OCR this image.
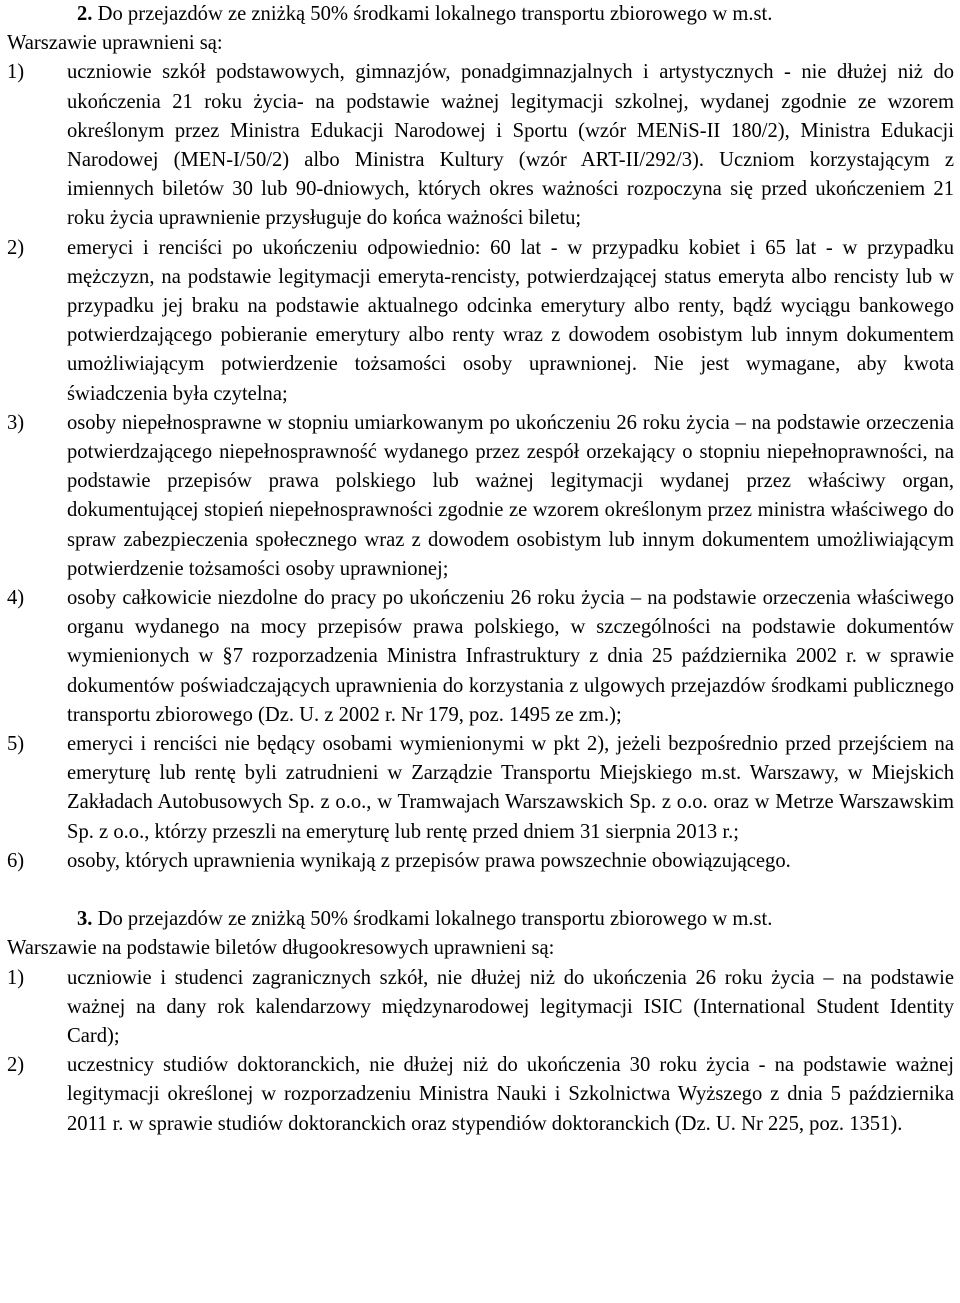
2. Do przejazdów ze zniżką 50% środkami lokalnego transportu zbiorowego w m.st.

Warszawie uprawnieni są:

1) uczniowie szkół podstawowych, gimnazjów, ponadgimnazjalnych i artystycznych - nie dłużej niż do ukończenia 21 roku życia- na podstawie ważnej legitymacji szkolnej, wydanej zgodnie ze wzorem określonym przez Ministra Edukacji Narodowej i Sportu (wzór MENiS-II 180/2), Ministra Edukacji Narodowej (MEN-I/50/2) albo Ministra Kultury (wzór ART-II/292/3). Uczniom korzystającym z imiennych biletów 30 lub 90-dniowych, których okres ważności rozpoczyna się przed ukończeniem 21 roku życia uprawnienie przysługuje do końca ważności biletu;
2) emeryci i renciści po ukończeniu odpowiednio: 60 lat - w przypadku kobiet i 65 lat - w przypadku mężczyzn, na podstawie legitymacji emeryta-rencisty, potwierdzającej status emeryta albo rencisty lub w przypadku jej braku na podstawie aktualnego odcinka emerytury albo renty, bądź wyciągu bankowego potwierdzającego pobieranie emerytury albo renty wraz z dowodem osobistym lub innym dokumentem umożliwiającym potwierdzenie tożsamości osoby uprawnionej. Nie jest wymagane, aby kwota świadczenia była czytelna;
3) osoby niepełnosprawne w stopniu umiarkowanym po ukończeniu 26 roku życia – na podstawie orzeczenia potwierdzającego niepełnosprawność wydanego przez zespół orzekający o stopniu niepełnoprawności, na podstawie przepisów prawa polskiego lub ważnej legitymacji wydanej przez właściwy organ, dokumentującej stopień niepełnosprawności zgodnie ze wzorem określonym przez ministra właściwego do spraw zabezpieczenia społecznego wraz z dowodem osobistym lub innym dokumentem umożliwiającym potwierdzenie tożsamości osoby uprawnionej;
4) osoby całkowicie niezdolne do pracy po ukończeniu 26 roku życia – na podstawie orzeczenia właściwego organu wydanego na mocy przepisów prawa polskiego, w szczególności na podstawie dokumentów wymienionych w §7 rozporzadzenia Ministra Infrastruktury z dnia 25 października 2002 r. w sprawie dokumentów poświadczających uprawnienia do korzystania z ulgowych przejazdów środkami publicznego transportu zbiorowego (Dz. U. z 2002 r. Nr 179, poz. 1495 ze zm.);
5) emeryci i renciści nie będący osobami wymienionymi w pkt 2), jeżeli bezpośrednio przed przejściem na emeryturę lub rentę byli zatrudnieni w Zarządzie Transportu Miejskiego m.st. Warszawy, w Miejskich Zakładach Autobusowych Sp. z o.o., w Tramwajach Warszawskich Sp. z o.o. oraz w Metrze Warszawskim Sp. z o.o., którzy przeszli na emeryturę lub rentę przed dniem 31 sierpnia 2013 r.;
6) osoby, których uprawnienia wynikają z przepisów prawa powszechnie obowiązującego.

3. Do przejazdów ze zniżką 50% środkami lokalnego transportu zbiorowego w m.st.

Warszawie na podstawie biletów długookresowych uprawnieni są:

1) uczniowie i studenci zagranicznych szkół, nie dłużej niż do ukończenia 26 roku życia – na podstawie ważnej na dany rok kalendarzowy międzynarodowej legitymacji ISIC (International Student Identity Card);
2) uczestnicy studiów doktoranckich, nie dłużej niż do ukończenia 30 roku życia - na podstawie ważnej legitymacji określonej w rozporzadzeniu Ministra Nauki i Szkolnictwa Wyższego z dnia 5 października 2011 r. w sprawie studiów doktoranckich oraz stypendiów doktoranckich (Dz. U. Nr 225, poz. 1351).
